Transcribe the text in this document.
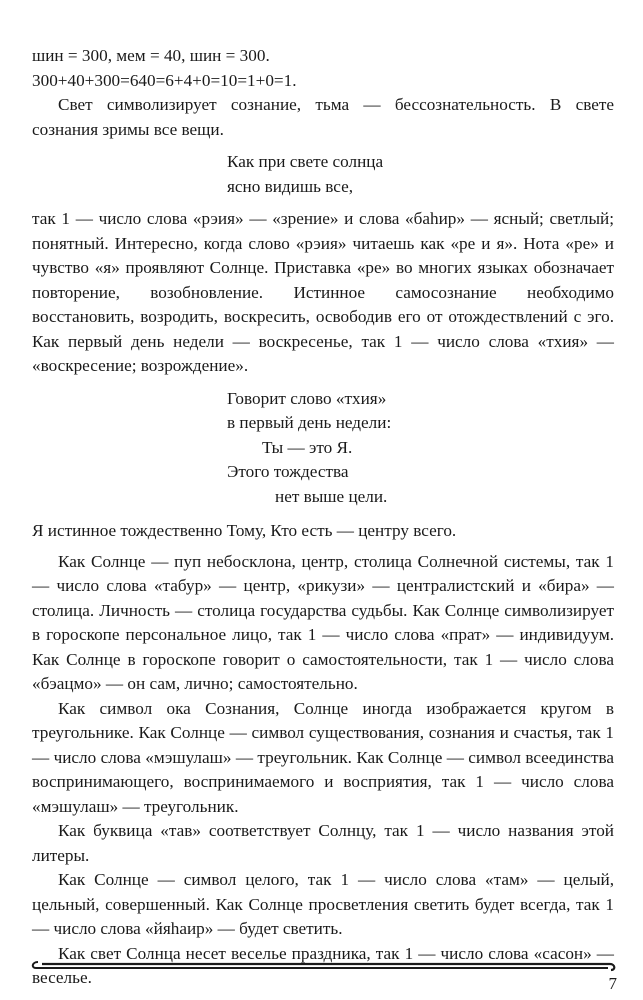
шин = 300, мем = 40, шин = 300.
300+40+300=640=6+4+0=10=1+0=1.

Свет символизирует сознание, тьма — бессознательность. В свете сознания зримы все вещи.

Как при свете солнца
ясно видишь все,

так 1 — число слова «рэия» — «зрение» и слова «баһир» — ясный; светлый; понятный. Интересно, когда слово «рэия» читаешь как «ре и я». Нота «ре» и чувство «я» проявляют Солнце. Приставка «ре» во многих языках обозначает повторение, возобновление. Истинное самосознание необходимо восстановить, возродить, воскресить, освободив его от отождествлений с эго. Как первый день недели — воскресенье, так 1 — число слова «тхия» — «воскресение; возрождение».

Говорит слово «тхия»
в первый день недели:
Ты — это Я.
Этого тождества
нет выше цели.

Я истинное тождественно Тому, Кто есть — центру всего.

Как Солнце — пуп небосклона, центр, столица Солнечной системы, так 1 — число слова «табур» — центр, «рикузи» — централистский и «бира» — столица. Личность — столица государства судьбы. Как Солнце символизирует в гороскопе персональное лицо, так 1 — число слова «прат» — индивидуум. Как Солнце в гороскопе говорит о самостоятельности, так 1 — число слова «бэацмо» — он сам, лично; самостоятельно.

Как символ ока Сознания, Солнце иногда изображается кругом в треугольнике. Как Солнце — символ существования, сознания и счастья, так 1 — число слова «мэшулаш» — треугольник. Как Солнце — символ всеединства воспринимающего, воспринимаемого и восприятия, так 1 — число слова «мэшулаш» — треугольник.

Как буквица «тав» соответствует Солнцу, так 1 — число названия этой литеры.

Как Солнце — символ целого, так 1 — число слова «там» — целый, цельный, совершенный. Как Солнце просветления светить будет всегда, так 1 — число слова «йяһаир» — будет светить.

Как свет Солнца несет веселье праздника, так 1 — число слова «сасон» — веселье.	7
